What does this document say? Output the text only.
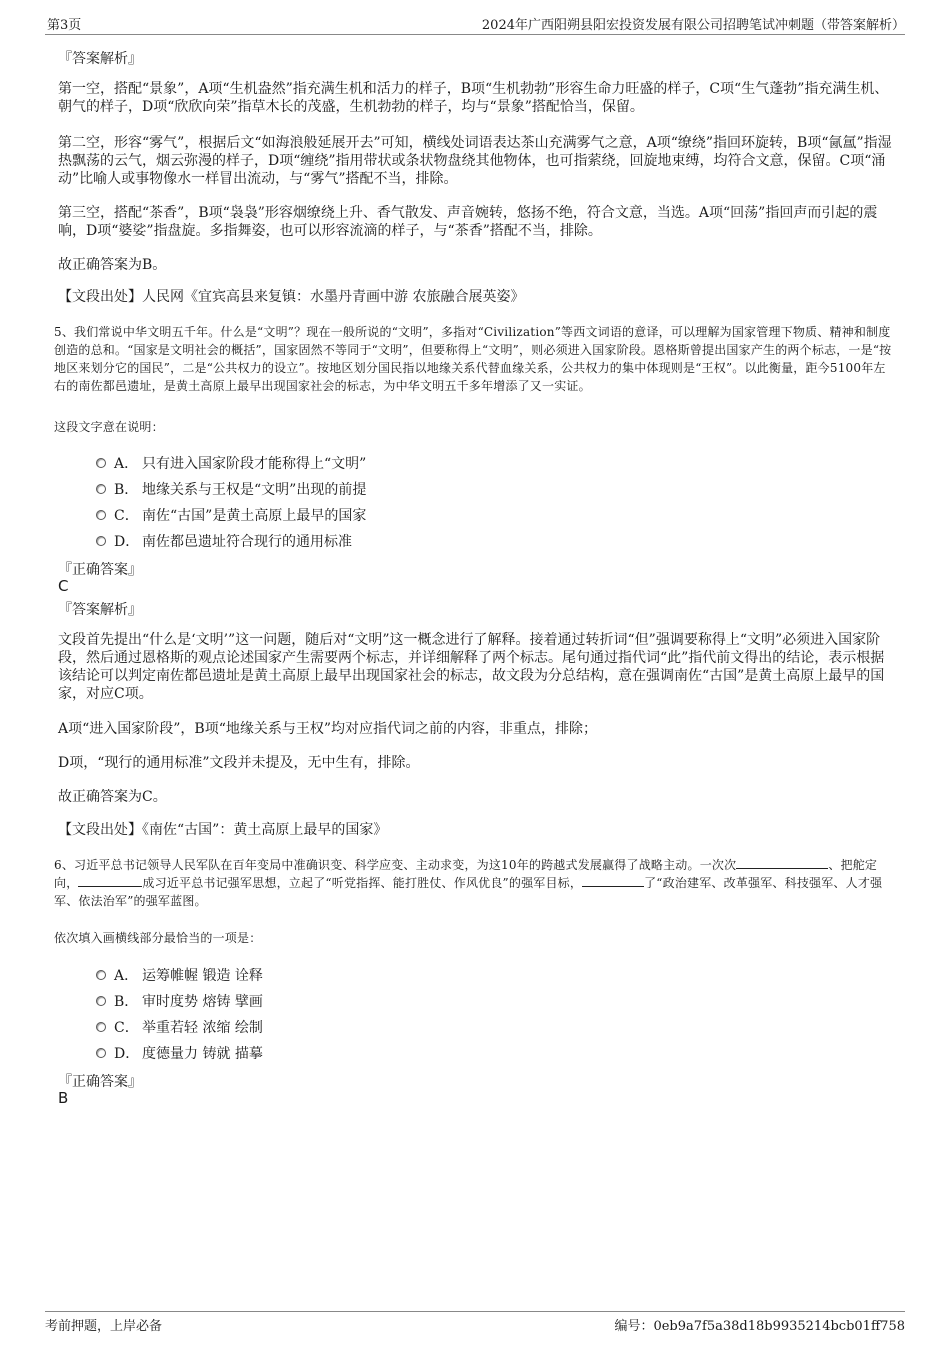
第3页	2024年广西阳朔县阳宏投资发展有限公司招聘笔试冲刺题（带答案解析）
『答案解析』
第一空，搭配“景象”，A项“生机盎然”指充满生机和活力的样子，B项“生机勃勃”形容生命力旺盛的样子，C项“生气蓬勃”指充满生机、朝气的样子，D项“欣欣向荣”指草木长的茂盛，生机勃勃的样子，均与“景象”搭配恰当，保留。
第二空，形容“雾气”，根据后文“如海浪般延展开去”可知，横线处词语表达茶山充满雾气之意，A项“缭绕”指回环旋转，B项“氤氲”指湿热飘荡的云气，烟云弥漫的样子，D项“缠绕”指用带状或条状物盘绕其他物体，也可指萦绕，回旋地束缚，均符合文意，保留。C项“涌动”比喻人或事物像水一样冒出流动，与“雾气”搭配不当，排除。
第三空，搭配“茶香”，B项“袅袅”形容烟缭绕上升、香气散发、声音婉转，悠扬不绝，符合文意，当选。A项“回荡”指回声而引起的震响，D项“婆娑”指盘旋。多指舞姿，也可以形容流滴的样子，与“茶香”搭配不当，排除。
故正确答案为B。
【文段出处】人民网《宜宾高县来复镇：水墨丹青画中游 农旅融合展英姿》
5、我们常说中华文明五千年。什么是“文明”？现在一般所说的“文明”，多指对“Civilization”等西文词语的意译，可以理解为国家管理下物质、精神和制度创造的总和。“国家是文明社会的概括”，国家固然不等同于“文明”，但要称得上“文明”，则必须进入国家阶段。恩格斯曾提出国家产生的两个标志，一是“按地区来划分它的国民”，二是“公共权力的设立”。按地区划分国民指以地缘关系代替血缘关系，公共权力的集中体现则是“王权”。以此衡量，距今5100年左右的南佐都邑遗址，是黄土高原上最早出现国家社会的标志，为中华文明五千多年增添了又一实证。
这段文字意在说明：
A． 只有进入国家阶段才能称得上“文明”
B． 地缘关系与王权是“文明”出现的前提
C． 南佐“古国”是黄土高原上最早的国家
D． 南佐都邑遗址符合现行的通用标准
『正确答案』
C
『答案解析』
文段首先提出“什么是‘文明’”这一问题，随后对“文明”这一概念进行了解释。接着通过转折词“但”强调要称得上“文明”必须进入国家阶段，然后通过恩格斯的观点论述国家产生需要两个标志，并详细解释了两个标志。尾句通过指代词“此”指代前文得出的结论，表示根据该结论可以判定南佐都邑遗址是黄土高原上最早出现国家社会的标志，故文段为分总结构，意在强调南佐“古国”是黄土高原上最早的国家，对应C项。
A项“进入国家阶段”，B项“地缘关系与王权”均对应指代词之前的内容，非重点，排除；
D项，“现行的通用标准”文段并未提及，无中生有，排除。
故正确答案为C。
【文段出处】《南佐“古国”：黄土高原上最早的国家》
6、习近平总书记领导人民军队在百年变局中准确识变、科学应变、主动求变，为这10年的跨越式发展赢得了战略主动。一次次	、把舵定向，	成习近平总书记强军思想，立起了“听党指挥、能打胜仗、作风优良”的强军目标，	了“政治建军、改革强军、科技强军、人才强军、依法治军”的强军蓝图。
依次填入画横线部分最恰当的一项是：
A． 运筹帷幄 锻造 诠释
B． 审时度势 熔铸 擘画
C． 举重若轻 浓缩 绘制
D． 度德量力 铸就 描摹
『正确答案』
B
考前押题，上岸必备	编号：0eb9a7f5a38d18b9935214bcb01ff758
